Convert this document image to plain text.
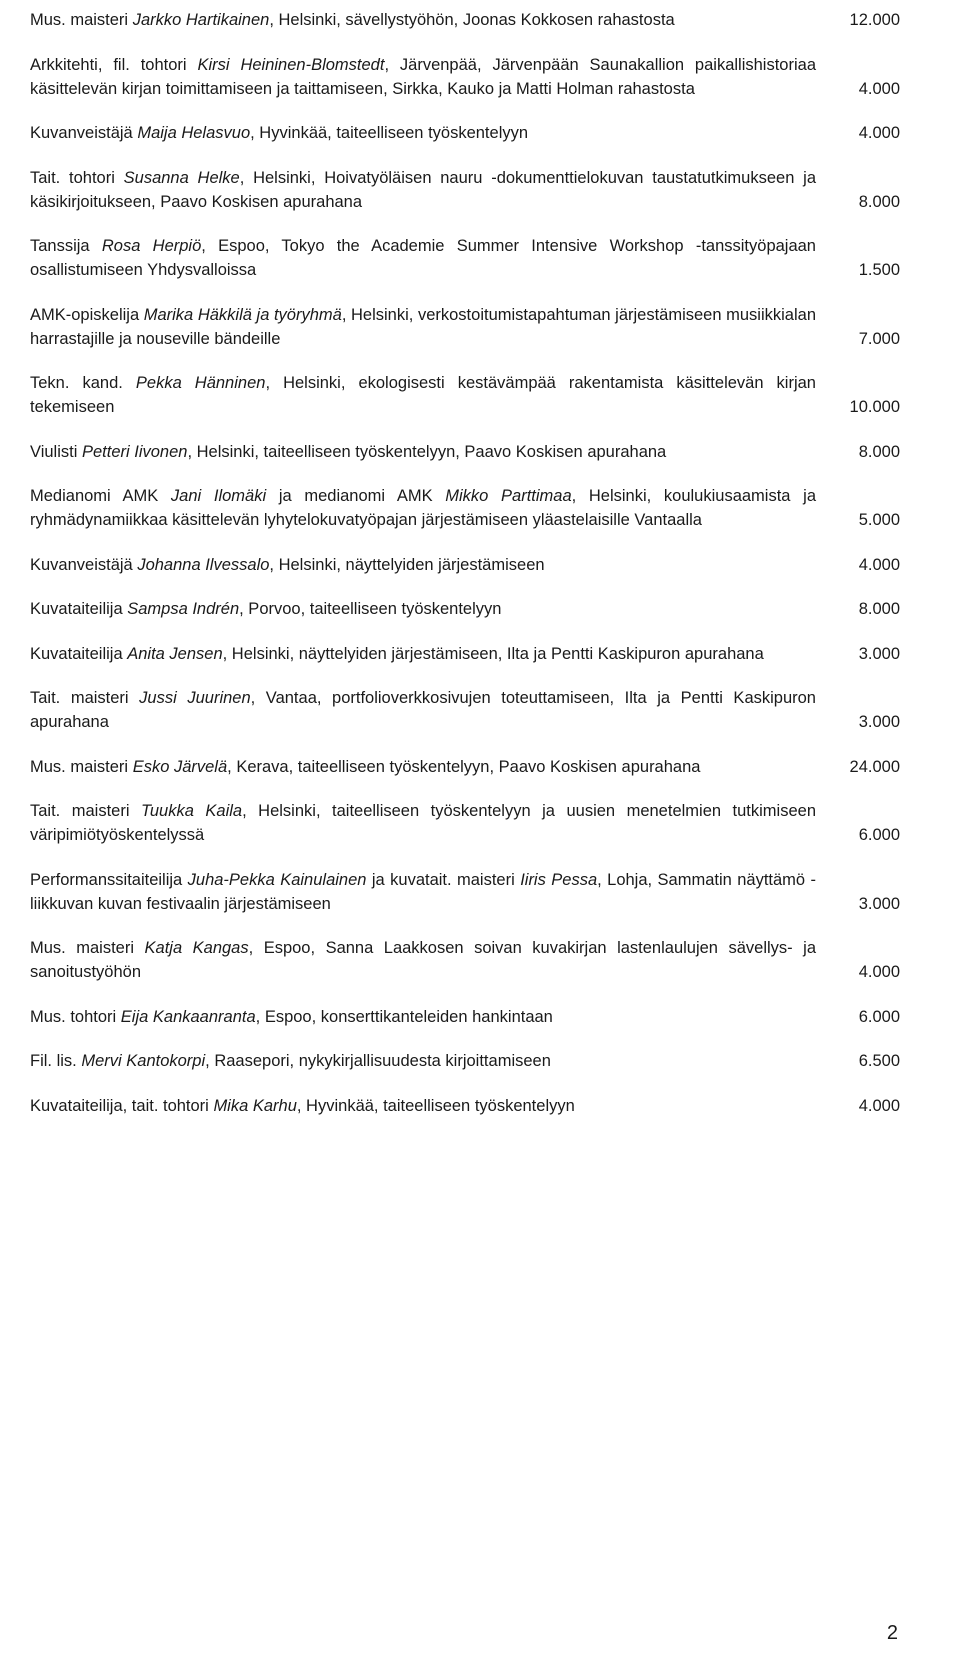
Mus. maisteri Jarkko Hartikainen, Helsinki, sävellystyöhön, Joonas Kokkosen rahastosta	12.000
Arkkitehti, fil. tohtori Kirsi Heininen-Blomstedt, Järvenpää, Järvenpään Saunakallion paikallishistoriaa käsittelevän kirjan toimittamiseen ja taittamiseen, Sirkka, Kauko ja Matti Holman rahastosta	4.000
Kuvanveistäjä Maija Helasvuo, Hyvinkää, taiteelliseen työskentelyyn	4.000
Tait. tohtori Susanna Helke, Helsinki, Hoivatyöläisen nauru -dokumenttielokuvan taustatutkimukseen ja käsikirjoitukseen, Paavo Koskisen apurahana	8.000
Tanssija Rosa Herpiö, Espoo, Tokyo the Academie Summer Intensive Workshop -tanssityöpajaan osallistumiseen Yhdysvalloissa	1.500
AMK-opiskelija Marika Häkkilä ja työryhmä, Helsinki, verkostoitumistapahtuman järjestämiseen musiikkialan harrastajille ja nouseville bändeille	7.000
Tekn. kand. Pekka Hänninen, Helsinki, ekologisesti kestävämpää rakentamista käsittelevän kirjan tekemiseen	10.000
Viulisti Petteri Iivonen, Helsinki, taiteelliseen työskentelyyn, Paavo Koskisen apurahana	8.000
Medianomi AMK Jani Ilomäki ja medianomi AMK Mikko Parttimaa, Helsinki, koulukiusaamista ja ryhmädynamiikkaa käsittelevän lyhytelokuvatyöpajan järjestämiseen yläastelaisille Vantaalla	5.000
Kuvanveistäjä Johanna Ilvessalo, Helsinki, näyttelyiden järjestämiseen	4.000
Kuvataiteilija Sampsa Indrén, Porvoo, taiteelliseen työskentelyyn	8.000
Kuvataiteilija Anita Jensen, Helsinki, näyttelyiden järjestämiseen, Ilta ja Pentti Kaskipuron apurahana	3.000
Tait. maisteri Jussi Juurinen, Vantaa, portfolioverkkosivujen toteuttamiseen, Ilta ja Pentti Kaskipuron apurahana	3.000
Mus. maisteri Esko Järvelä, Kerava, taiteelliseen työskentelyyn, Paavo Koskisen apurahana	24.000
Tait. maisteri Tuukka Kaila, Helsinki, taiteelliseen työskentelyyn ja uusien menetelmien tutkimiseen väripimiötyöskentelyssä	6.000
Performanssitaiteilija Juha-Pekka Kainulainen ja kuvatait. maisteri Iiris Pessa, Lohja, Sammatin näyttämö -liikkuvan kuvan festivaalin järjestämiseen	3.000
Mus. maisteri Katja Kangas, Espoo, Sanna Laakkosen soivan kuvakirjan lastenlaulujen sävellys- ja sanoitustyöhön	4.000
Mus. tohtori Eija Kankaanranta, Espoo, konserttikanteleiden hankintaan	6.000
Fil. lis. Mervi Kantokorpi, Raasepori, nykykirjallisuudesta kirjoittamiseen	6.500
Kuvataiteilija, tait. tohtori Mika Karhu, Hyvinkää, taiteelliseen työskentelyyn	4.000
2
